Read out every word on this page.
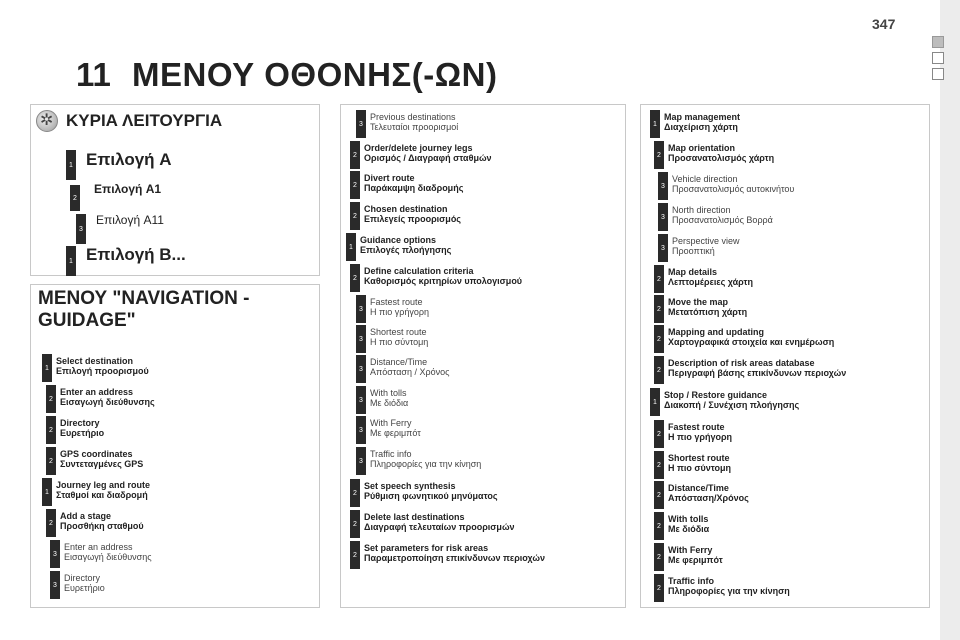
347
11 ΜΕΝΟΥ ΟΘΟΝΗΣ(-ΩΝ)
✲
ΚΥΡΙΑ ΛΕΙΤΟΥΡΓΙΑ
1 Επιλογή A
2
Επιλογή A1
3
Επιλογή A11
1 Επιλογή B...
ΜΕΝΟΥ "NAVIGATION - GUIDAGE"
1
Select destination
Επιλογή προορισμού
2
Enter an address
Εισαγωγή διεύθυνσης
2
Directory
Ευρετήριο
2
GPS coordinates
Συντεταγμένες GPS
1
Journey leg and route
Σταθμοί και διαδρομή
2
Add a stage
Προσθήκη σταθμού
3
Enter an address
Εισαγωγή διεύθυνσης
3
Directory
Ευρετήριο
3
Previous destinations
Τελευταίοι προορισμοί
2
Order/delete journey legs
Ορισμός / Διαγραφή σταθμών
2
Divert route
Παράκαμψη διαδρομής
2
Chosen destination
Επιλεγείς προορισμός
1
Guidance options
Επιλογές πλοήγησης
2
Define calculation criteria
Καθορισμός κριτηρίων υπολογισμού
3
Fastest route
Η πιο γρήγορη
3
Shortest route
Η πιο σύντομη
3
Distance/Time
Απόσταση / Χρόνος
3
With tolls
Με διόδια
3
With Ferry
Με φεριμπότ
3
Traffic info
Πληροφορίες για την κίνηση
2
Set speech synthesis
Ρύθμιση φωνητικού μηνύματος
2
Delete last destinations
Διαγραφή τελευταίων προορισμών
2
Set parameters for risk areas
Παραμετροποίηση επικίνδυνων περιοχών
1
Map management
Διαχείριση χάρτη
2
Map orientation
Προσανατολισμός χάρτη
3
Vehicle direction
Προσανατολισμός αυτοκινήτου
3
North direction
Προσανατολισμός Βορρά
3
Perspective view
Προοπτική
2
Map details
Λεπτομέρειες χάρτη
2
Move the map
Μετατόπιση χάρτη
2
Mapping and updating
Χαρτογραφικά στοιχεία και ενημέρωση
2
Description of risk areas database
Περιγραφή βάσης επικίνδυνων περιοχών
1
Stop / Restore guidance
Διακοπή / Συνέχιση πλοήγησης
2
Fastest route
Η πιο γρήγορη
2
Shortest route
Η πιο σύντομη
2
Distance/Time
Απόσταση/Χρόνος
2
With tolls
Με διόδια
2
With Ferry
Με φεριμπότ
2
Traffic info
Πληροφορίες για την κίνηση
